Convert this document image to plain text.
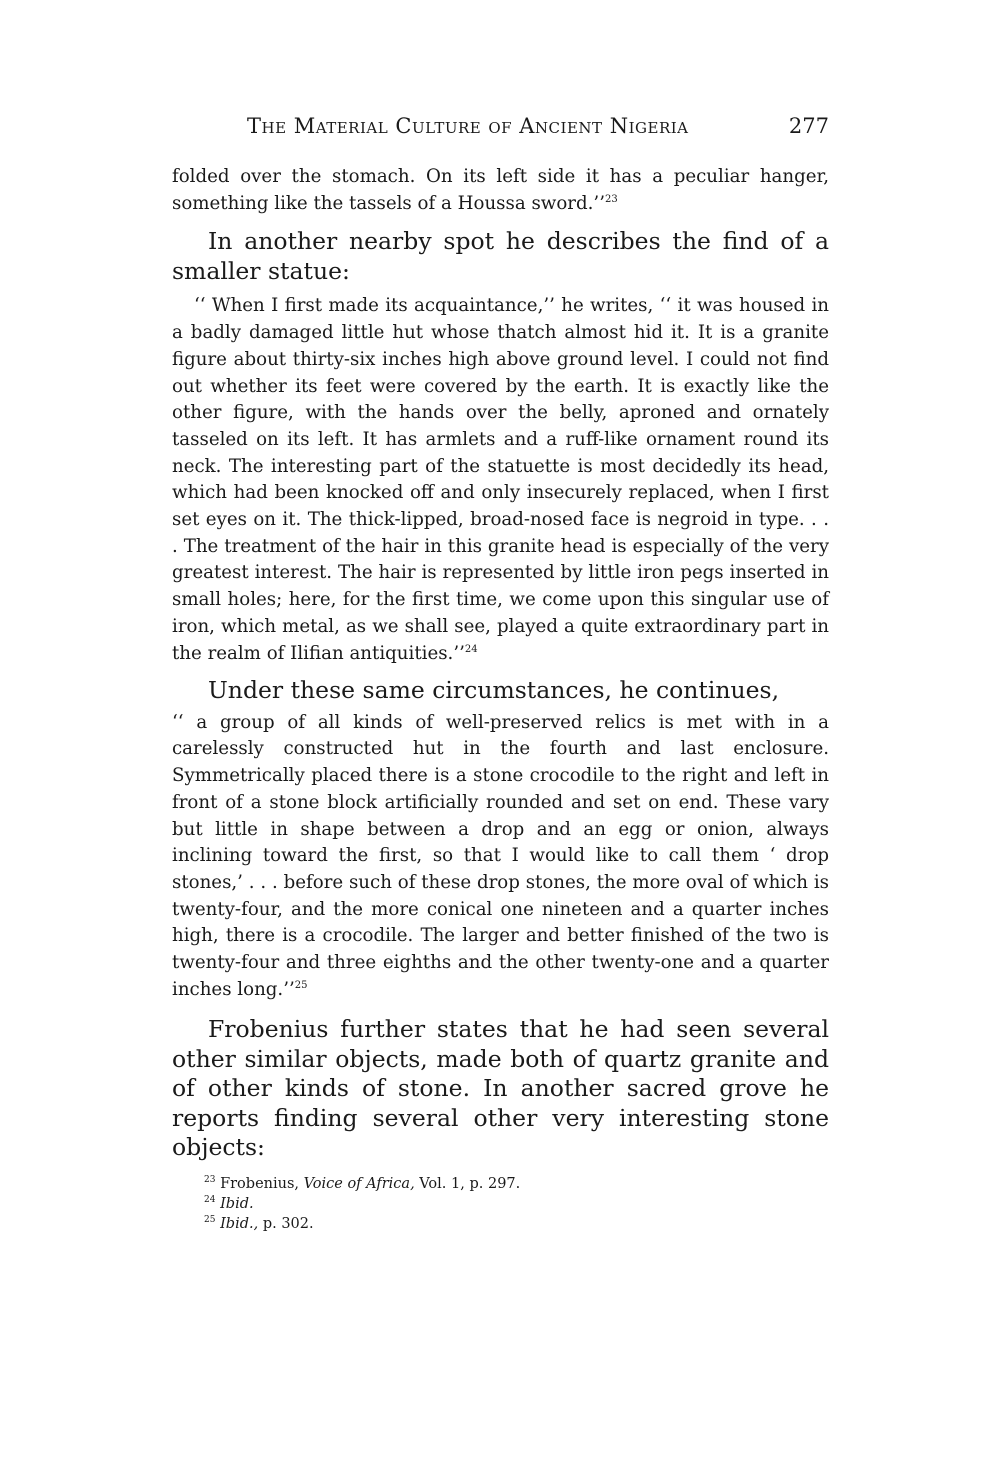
The Material Culture of Ancient Nigeria	277

folded over the stomach. On its left side it has a peculiar hanger, something like the tassels of a Houssa sword.’’$^{23}$

In another nearby spot he describes the find of a smaller statue:

‘‘ When I first made its acquaintance,’’ he writes, ‘‘ it was housed in a badly damaged little hut whose thatch almost hid it. It is a granite figure about thirty-six inches high above ground level. I could not find out whether its feet were covered by the earth. It is exactly like the other figure, with the hands over the belly, aproned and ornately tasseled on its left. It has armlets and a ruff-like ornament round its neck. The interesting part of the statuette is most decidedly its head, which had been knocked off and only insecurely replaced, when I first set eyes on it. The thick-lipped, broad-nosed face is negroid in type. . . . The treatment of the hair in this granite head is especially of the very greatest interest. The hair is represented by little iron pegs inserted in small holes; here, for the first time, we come upon this singular use of iron, which metal, as we shall see, played a quite extraordinary part in the realm of Ilifian antiquities.’’$^{24}$

Under these same circumstances, he continues,

‘‘ a group of all kinds of well-preserved relics is met with in a carelessly constructed hut in the fourth and last enclosure. Symmetrically placed there is a stone crocodile to the right and left in front of a stone block artificially rounded and set on end. These vary but little in shape between a drop and an egg or onion, always inclining toward the first, so that I would like to call them ‘ drop stones,’ . . . before such of these drop stones, the more oval of which is twenty-four, and the more conical one nineteen and a quarter inches high, there is a crocodile. The larger and better finished of the two is twenty-four and three eighths and the other twenty-one and a quarter inches long.’’$^{25}$

Frobenius further states that he had seen several other similar objects, made both of quartz granite and of other kinds of stone. In another sacred grove he reports finding several other very interesting stone objects:

$^{23}$ Frobenius, Voice of Africa, Vol. 1, p. 297.

$^{24}$ Ibid.

$^{25}$ Ibid., p. 302.
